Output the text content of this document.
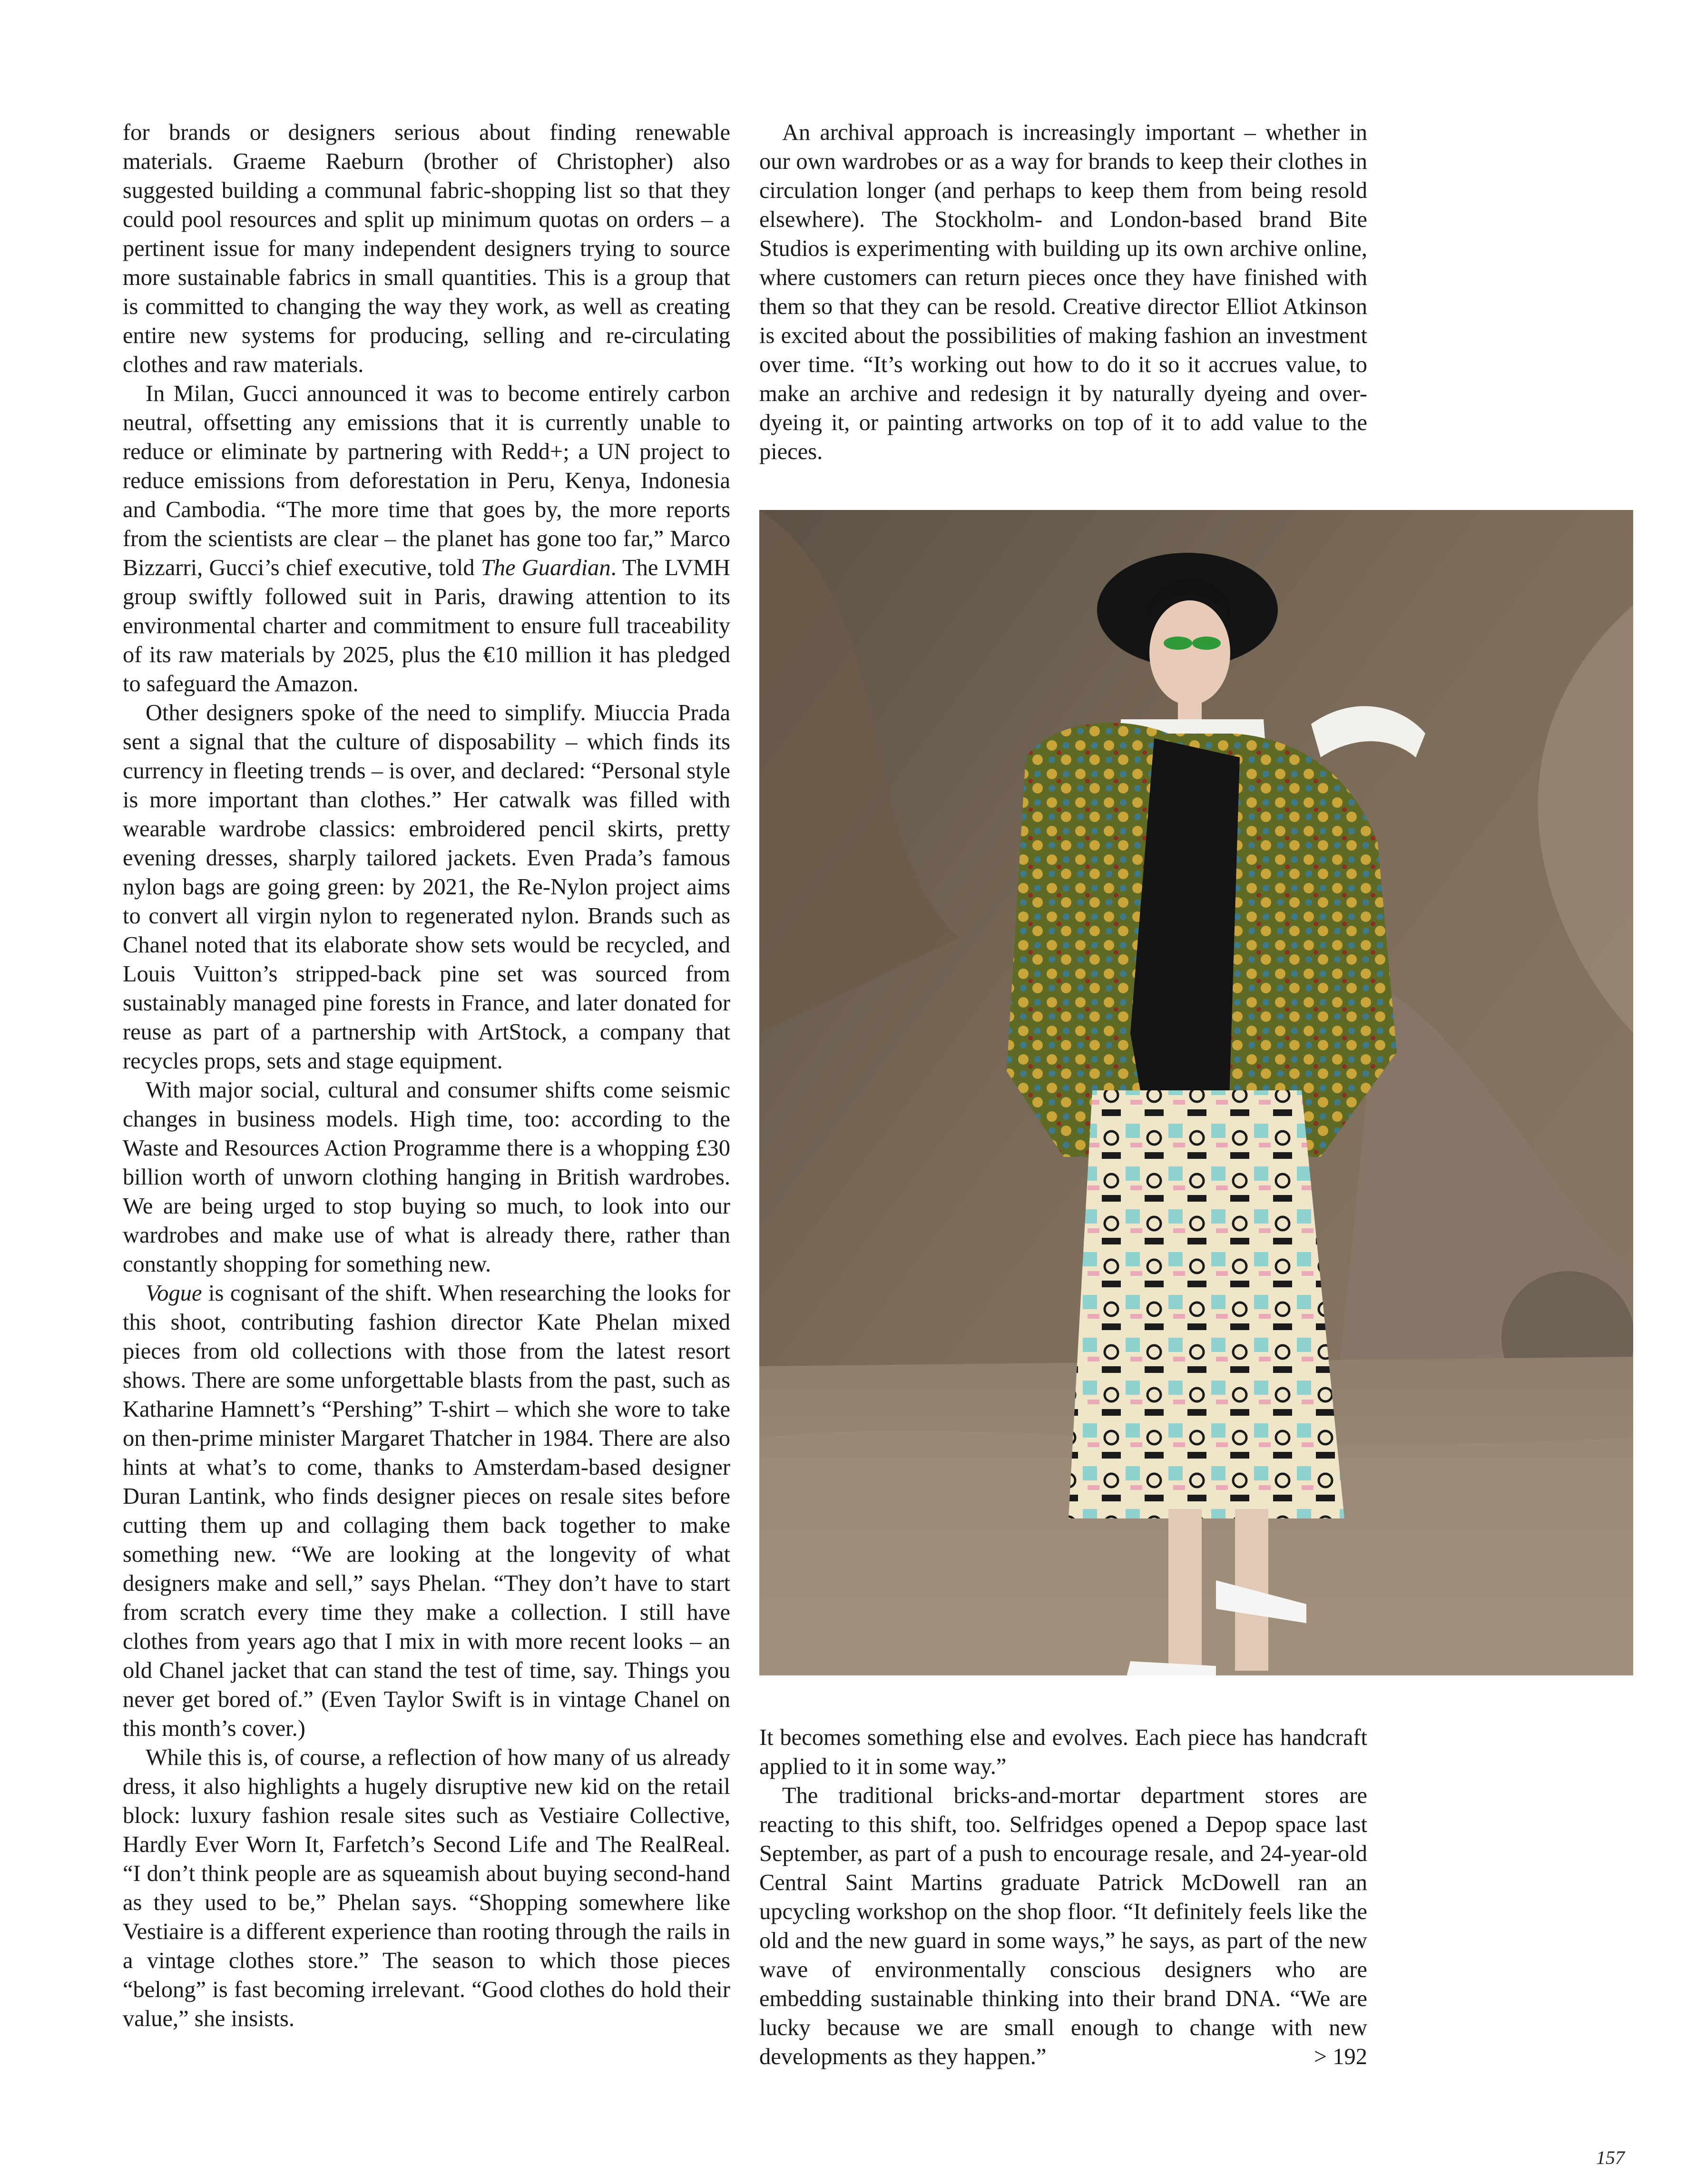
for brands or designers serious about finding renewable materials. Graeme Raeburn (brother of Christopher) also suggested building a communal fabric-shopping list so that they could pool resources and split up minimum quotas on orders – a pertinent issue for many independent designers trying to source more sustainable fabrics in small quantities. This is a group that is committed to changing the way they work, as well as creating entire new systems for producing, selling and re-circulating clothes and raw materials.

In Milan, Gucci announced it was to become entirely carbon neutral, offsetting any emissions that it is currently unable to reduce or eliminate by partnering with Redd+; a UN project to reduce emissions from deforestation in Peru, Kenya, Indonesia and Cambodia. “The more time that goes by, the more reports from the scientists are clear – the planet has gone too far,” Marco Bizzarri, Gucci’s chief executive, told The Guardian. The LVMH group swiftly followed suit in Paris, drawing attention to its environmental charter and commitment to ensure full traceability of its raw materials by 2025, plus the €10 million it has pledged to safeguard the Amazon.

Other designers spoke of the need to simplify. Miuccia Prada sent a signal that the culture of disposability – which finds its currency in fleeting trends – is over, and declared: “Personal style is more important than clothes.” Her catwalk was filled with wearable wardrobe classics: embroidered pencil skirts, pretty evening dresses, sharply tailored jackets. Even Prada’s famous nylon bags are going green: by 2021, the Re-Nylon project aims to convert all virgin nylon to regenerated nylon. Brands such as Chanel noted that its elaborate show sets would be recycled, and Louis Vuitton’s stripped-back pine set was sourced from sustainably managed pine forests in France, and later donated for reuse as part of a partnership with ArtStock, a company that recycles props, sets and stage equipment.

With major social, cultural and consumer shifts come seismic changes in business models. High time, too: according to the Waste and Resources Action Programme there is a whopping £30 billion worth of unworn clothing hanging in British wardrobes. We are being urged to stop buying so much, to look into our wardrobes and make use of what is already there, rather than constantly shopping for something new.

Vogue is cognisant of the shift. When researching the looks for this shoot, contributing fashion director Kate Phelan mixed pieces from old collections with those from the latest resort shows. There are some unforgettable blasts from the past, such as Katharine Hamnett’s “Pershing” T-shirt – which she wore to take on then-prime minister Margaret Thatcher in 1984. There are also hints at what’s to come, thanks to Amsterdam-based designer Duran Lantink, who finds designer pieces on resale sites before cutting them up and collaging them back together to make something new. “We are looking at the longevity of what designers make and sell,” says Phelan. “They don’t have to start from scratch every time they make a collection. I still have clothes from years ago that I mix in with more recent looks – an old Chanel jacket that can stand the test of time, say. Things you never get bored of.” (Even Taylor Swift is in vintage Chanel on this month’s cover.)

While this is, of course, a reflection of how many of us already dress, it also highlights a hugely disruptive new kid on the retail block: luxury fashion resale sites such as Vestiaire Collective, Hardly Ever Worn It, Farfetch’s Second Life and The RealReal. “I don’t think people are as squeamish about buying second-hand as they used to be,” Phelan says. “Shopping somewhere like Vestiaire is a different experience than rooting through the rails in a vintage clothes store.” The season to which those pieces “belong” is fast becoming irrelevant. “Good clothes do hold their value,” she insists.

An archival approach is increasingly important – whether in our own wardrobes or as a way for brands to keep their clothes in circulation longer (and perhaps to keep them from being resold elsewhere). The Stockholm- and London-based brand Bite Studios is experimenting with building up its own archive online, where customers can return pieces once they have finished with them so that they can be resold. Creative director Elliot Atkinson is excited about the possibilities of making fashion an investment over time. “It’s working out how to do it so it accrues value, to make an archive and redesign it by naturally dyeing and over-dyeing it, or painting artworks on top of it to add value to the pieces.

It becomes something else and evolves. Each piece has handcraft applied to it in some way.”

The traditional bricks-and-mortar department stores are reacting to this shift, too. Selfridges opened a Depop space last September, as part of a push to encourage resale, and 24-year-old Central Saint Martins graduate Patrick McDowell ran an upcycling workshop on the shop floor. “It definitely feels like the old and the new guard in some ways,” he says, as part of the new wave of environmentally conscious designers who are embedding sustainable thinking into their brand DNA. “We are lucky because we are small enough to change with new developments as they happen.”	> 192

157
